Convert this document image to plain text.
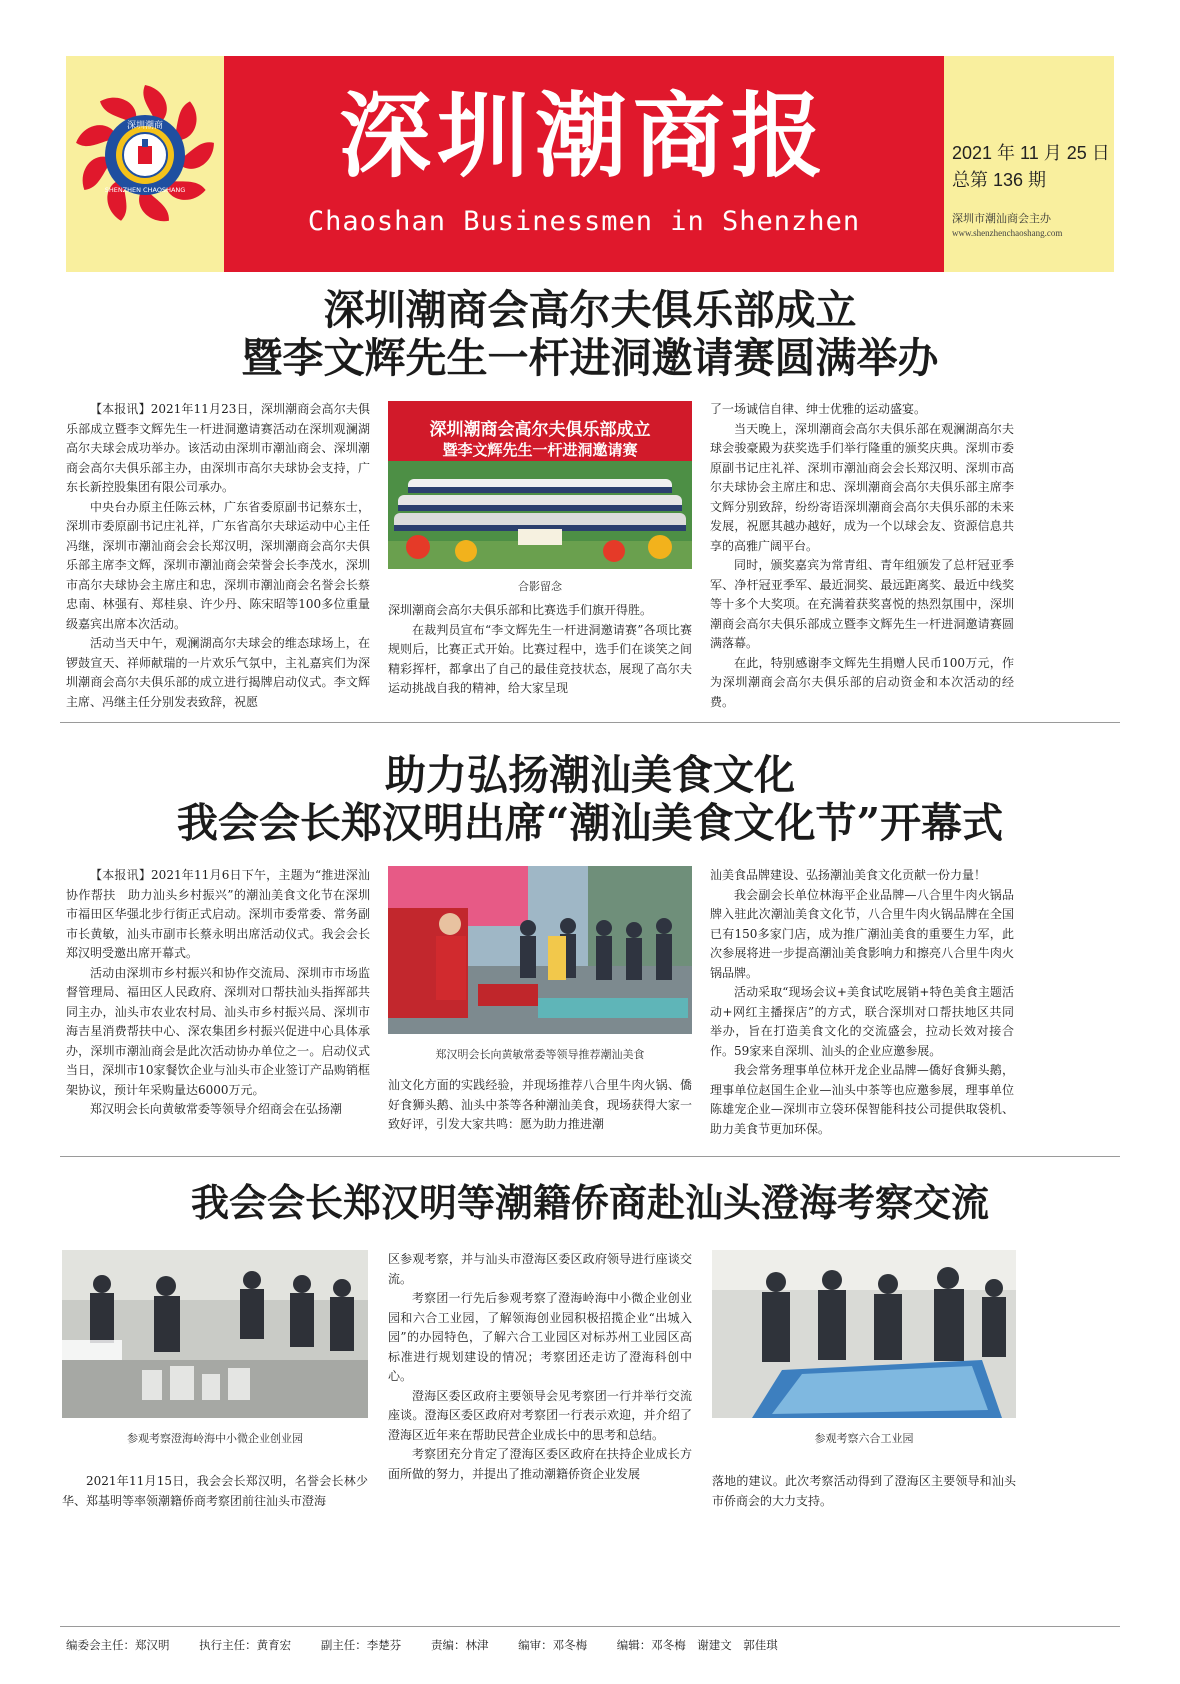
深圳潮商
SHENZHEN CHAOSHANG	深圳潮商报
Chaoshan Businessmen in Shenzhen
2021 年 11 月 25 日
总第 136 期
深圳市潮汕商会主办
www.shenzhenchaoshang.com
深圳潮商会高尔夫俱乐部成立
暨李文辉先生一杆进洞邀请赛圆满举办

【本报讯】2021年11月23日，深圳潮商会高尔夫俱乐部成立暨李文辉先生一杆进洞邀请赛活动在深圳观澜湖高尔夫球会成功举办。该活动由深圳市潮汕商会、深圳潮商会高尔夫俱乐部主办，由深圳市高尔夫球协会支持，广东长新控股集团有限公司承办。

中央台办原主任陈云林，广东省委原副书记蔡东士，深圳市委原副书记庄礼祥，广东省高尔夫球运动中心主任冯继，深圳市潮汕商会会长郑汉明，深圳潮商会高尔夫俱乐部主席李文辉，深圳市潮汕商会荣誉会长李茂水，深圳市高尔夫球协会主席庄和忠，深圳市潮汕商会名誉会长蔡忠南、林强有、郑桂泉、许少丹、陈宋昭等100多位重量级嘉宾出席本次活动。

活动当天中午，观澜湖高尔夫球会的维态球场上，在锣鼓宣天、祥师献瑞的一片欢乐气氛中，主礼嘉宾们为深圳潮商会高尔夫俱乐部的成立进行揭牌启动仪式。李文辉主席、冯继主任分别发表致辞，祝愿

深圳潮商会高尔夫俱乐部成立
暨李文辉先生一杆进洞邀请赛
合影留念

深圳潮商会高尔夫俱乐部和比赛选手们旗开得胜。

在裁判员宣布“李文辉先生一杆进洞邀请赛”各项比赛规则后，比赛正式开始。比赛过程中，选手们在谈笑之间精彩挥杆，都拿出了自己的最佳竞技状态，展现了高尔夫运动挑战自我的精神，给大家呈现

了一场诚信自律、绅士优雅的运动盛宴。

当天晚上，深圳潮商会高尔夫俱乐部在观澜湖高尔夫球会骏豪殿为获奖选手们举行隆重的颁奖庆典。深圳市委原副书记庄礼祥、深圳市潮汕商会会长郑汉明、深圳市高尔夫球协会主席庄和忠、深圳潮商会高尔夫俱乐部主席李文辉分别致辞，纷纷寄语深圳潮商会高尔夫俱乐部的未来发展，祝愿其越办越好，成为一个以球会友、资源信息共享的高雅广阔平台。

同时，颁奖嘉宾为常青组、青年组颁发了总杆冠亚季军、净杆冠亚季军、最近洞奖、最远距离奖、最近中线奖等十多个大奖项。在充满着获奖喜悦的热烈氛围中，深圳潮商会高尔夫俱乐部成立暨李文辉先生一杆进洞邀请赛圆满落幕。

在此，特别感谢李文辉先生捐赠人民币100万元，作为深圳潮商会高尔夫俱乐部的启动资金和本次活动的经费。

助力弘扬潮汕美食文化
我会会长郑汉明出席“潮汕美食文化节”开幕式

【本报讯】2021年11月6日下午，主题为“推进深汕协作帮扶　助力汕头乡村振兴”的潮汕美食文化节在深圳市福田区华强北步行街正式启动。深圳市委常委、常务副市长黄敏，汕头市副市长蔡永明出席活动仪式。我会会长郑汉明受邀出席开幕式。

活动由深圳市乡村振兴和协作交流局、深圳市市场监督管理局、福田区人民政府、深圳对口帮扶汕头指挥部共同主办，汕头市农业农村局、汕头市乡村振兴局、深圳市海吉星消费帮扶中心、深农集团乡村振兴促进中心具体承办，深圳市潮汕商会是此次活动协办单位之一。启动仪式当日，深圳市10家餐饮企业与汕头市企业签订产品购销框架协议，预计年采购量达6000万元。

郑汉明会长向黄敏常委等领导介绍商会在弘扬潮

郑汉明会长向黄敏常委等领导推荐潮汕美食

汕文化方面的实践经验，并现场推荐八合里牛肉火锅、僑好食狮头鹅、汕头中茶等各种潮汕美食，现场获得大家一致好评，引发大家共鸣：愿为助力推进潮

汕美食品牌建设、弘扬潮汕美食文化贡献一份力量！

我会副会长单位林海平企业品牌—八合里牛肉火锅品牌入驻此次潮汕美食文化节，八合里牛肉火锅品牌在全国已有150多家门店，成为推广潮汕美食的重要生力军，此次参展将进一步提高潮汕美食影响力和擦亮八合里牛肉火锅品牌。

活动采取“现场会议+美食试吃展销+特色美食主题活动+网红主播探店”的方式，联合深圳对口帮扶地区共同举办，旨在打造美食文化的交流盛会，拉动长效对接合作。59家来自深圳、汕头的企业应邀参展。

我会常务理事单位林开龙企业品牌—僑好食狮头鹅，理事单位赵国生企业—汕头中茶等也应邀参展，理事单位陈雄宠企业—深圳市立袋环保智能科技公司提供取袋机、助力美食节更加环保。

我会会长郑汉明等潮籍侨商赴汕头澄海考察交流
参观考察澄海岭海中小微企业创业园

2021年11月15日，我会会长郑汉明，名誉会长林少华、郑基明等率领潮籍侨商考察团前往汕头市澄海

区参观考察，并与汕头市澄海区委区政府领导进行座谈交流。

考察团一行先后参观考察了澄海岭海中小微企业创业园和六合工业园，了解领海创业园积极招揽企业“出城入园”的办园特色，了解六合工业园区对标苏州工业园区高标准进行规划建设的情况；考察团还走访了澄海科创中心。

澄海区委区政府主要领导会见考察团一行并举行交流座谈。澄海区委区政府对考察团一行表示欢迎，并介绍了澄海区近年来在帮助民营企业成长中的思考和总结。

考察团充分肯定了澄海区委区政府在扶持企业成长方面所做的努力，并提出了推动潮籍侨资企业发展

参观考察六合工业园

落地的建议。此次考察活动得到了澄海区主要领导和汕头市侨商会的大力支持。

编委会主任：郑汉明	执行主任：黄育宏	副主任：李楚芬	责编：林津	编审：邓冬梅	编辑：邓冬梅　谢建文　郭佳琪
